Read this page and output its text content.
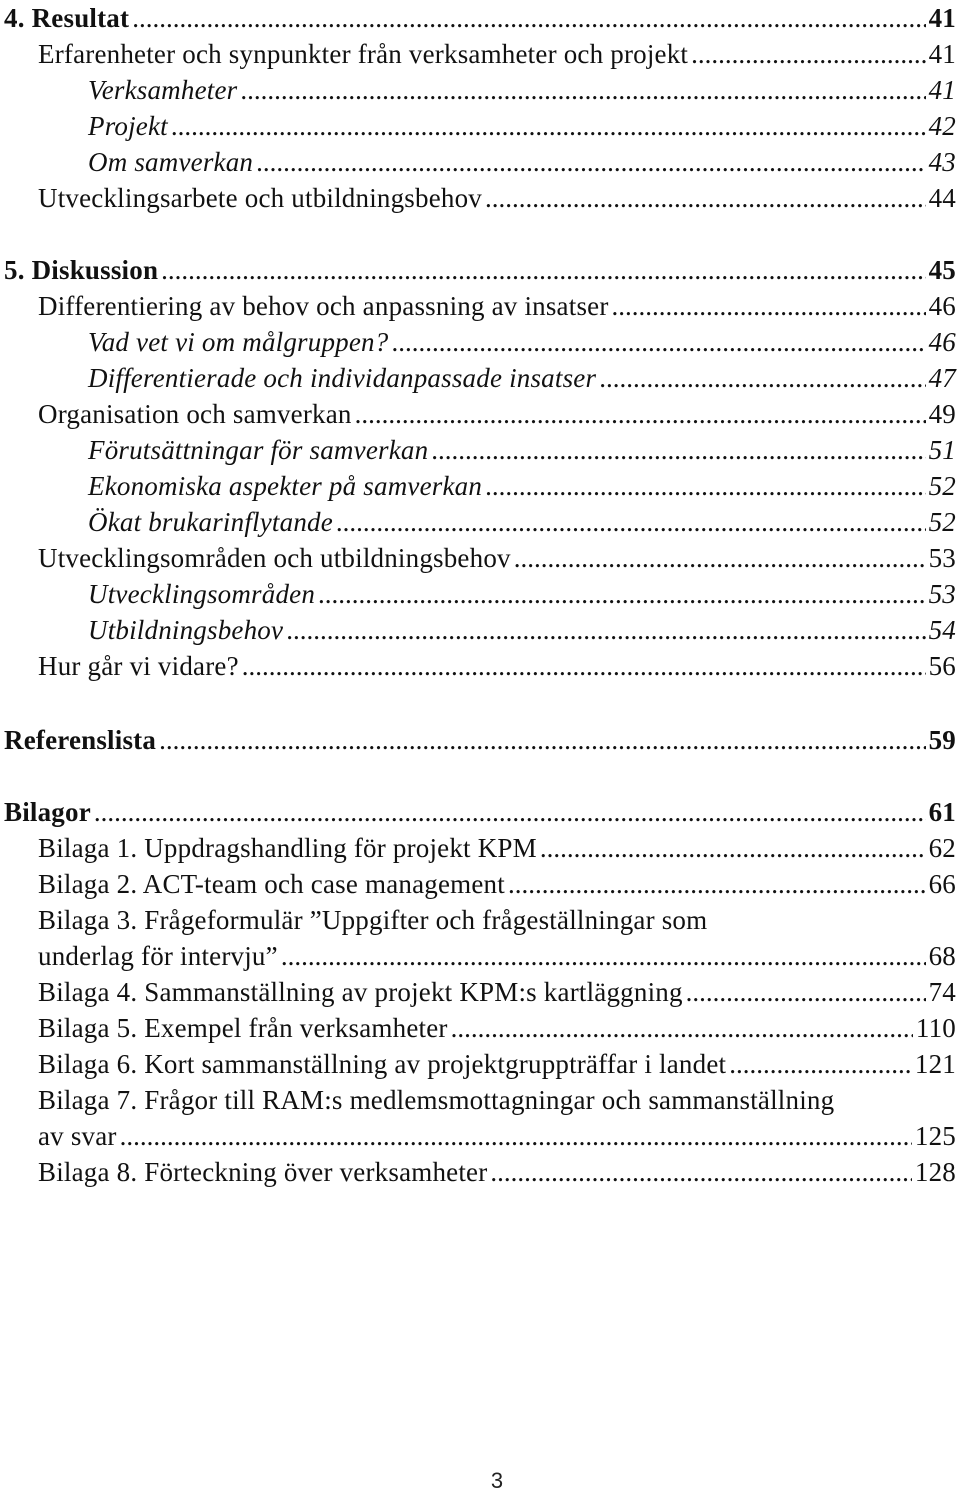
4. Resultat .....	41
Erfarenheter och synpunkter från verksamheter och projekt .....	41
Verksamheter .....	41
Projekt .....	42
Om samverkan .....	43
Utvecklingsarbete och utbildningsbehov .....	44
5. Diskussion .....	45
Differentiering av behov och anpassning av insatser .....	46
Vad vet vi om målgruppen? .....	46
Differentierade och individanpassade insatser .....	47
Organisation och samverkan .....	49
Förutsättningar för samverkan .....	51
Ekonomiska aspekter på samverkan .....	52
Ökat brukarinflytande .....	52
Utvecklingsområden och utbildningsbehov .....	53
Utvecklingsområden .....	53
Utbildningsbehov .....	54
Hur går vi vidare? .....	56
Referenslista .....	59
Bilagor .....	61
Bilaga 1. Uppdragshandling för projekt KPM .....	62
Bilaga 2. ACT-team och case management .....	66
Bilaga 3. Frågeformulär ”Uppgifter och frågeställningar som
underlag för intervju” .....	68
Bilaga 4. Sammanställning av projekt KPM:s kartläggning .....	74
Bilaga 5. Exempel från verksamheter .....	110
Bilaga 6. Kort sammanställning av projektgruppträffar i landet .....	121
Bilaga 7. Frågor till RAM:s medlemsmottagningar och sammanställning
av svar .....	125
Bilaga 8. Förteckning över verksamheter .....	128
3
